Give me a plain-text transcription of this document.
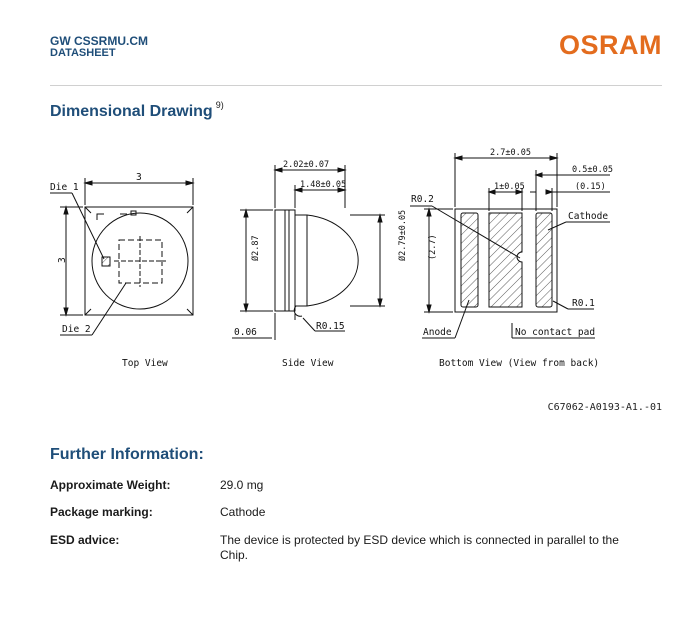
GW CSSRMU.CM
DATASHEET	OSRAM
Dimensional Drawing $^{9)}$
3
3
Die 1
Die 2
Top View
2.02±0.07
1.48±0.05
Ø2.87	Ø2.79±0.05
0.06
R0.15
Side View
2.7±0.05
0.5±0.05
1±0.05	(0.15)
(2.7)
R0.2
Cathode
R0.1
Anode	No contact pad
Bottom View (View from back)
C67062-A0193-A1.-01
Further Information:
Approximate Weight:	29.0 mg
Package marking:	Cathode
ESD advice:	The device is protected by ESD device which is connected in parallel to the Chip.
